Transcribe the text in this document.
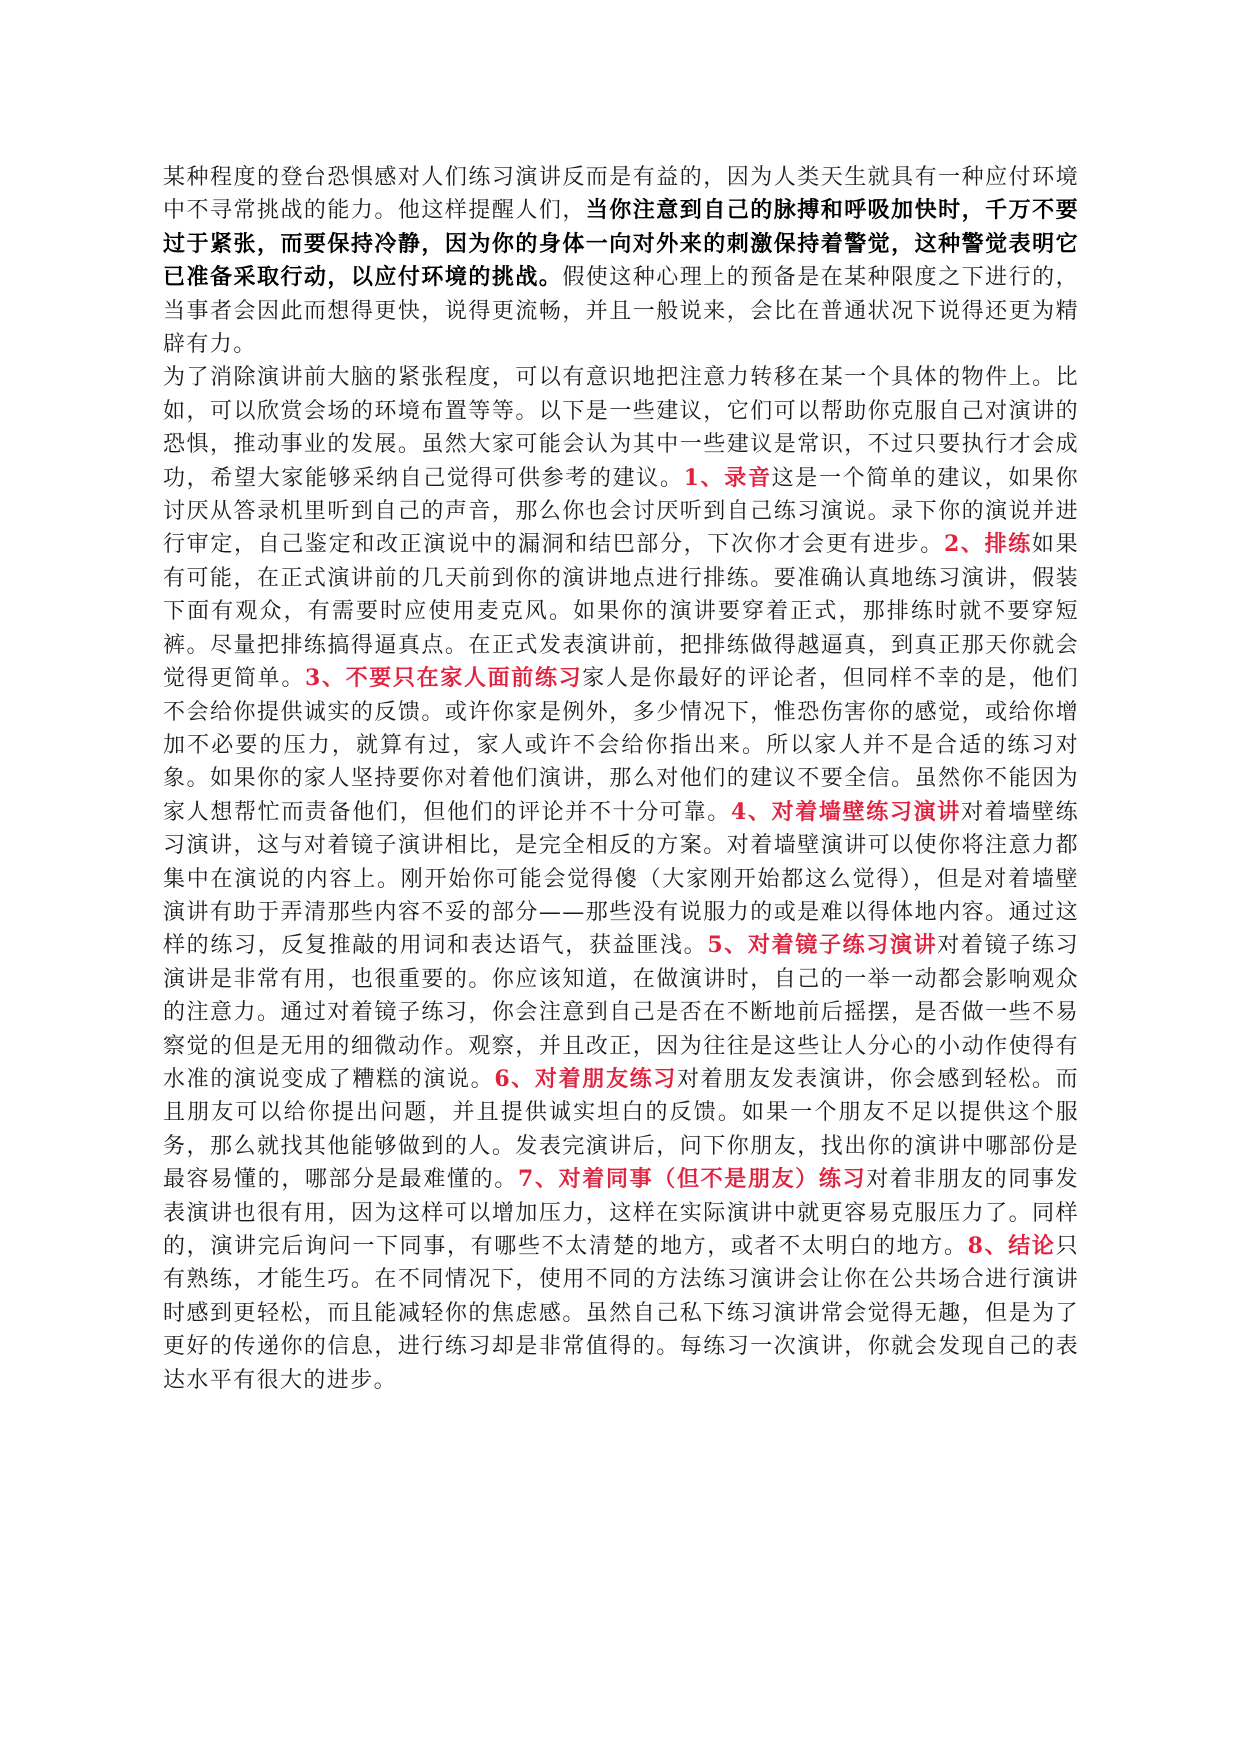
某种程度的登台恐惧感对人们练习演讲反而是有益的，因为人类天生就具有一种应付环境中不寻常挑战的能力。他这样提醒人们，当你注意到自己的脉搏和呼吸加快时，千万不要过于紧张，而要保持冷静，因为你的身体一向对外来的刺激保持着警觉，这种警觉表明它已准备采取行动，以应付环境的挑战。假使这种心理上的预备是在某种限度之下进行的，当事者会因此而想得更快，说得更流畅，并且一般说来，会比在普通状况下说得还更为精辟有力。

为了消除演讲前大脑的紧张程度，可以有意识地把注意力转移在某一个具体的物件上。比如，可以欣赏会场的环境布置等等。以下是一些建议，它们可以帮助你克服自己对演讲的恐惧，推动事业的发展。虽然大家可能会认为其中一些建议是常识，不过只要执行才会成功，希望大家能够采纳自己觉得可供参考的建议。1、录音这是一个简单的建议，如果你讨厌从答录机里听到自己的声音，那么你也会讨厌听到自己练习演说。录下你的演说并进行审定，自己鉴定和改正演说中的漏洞和结巴部分，下次你才会更有进步。2、排练如果有可能，在正式演讲前的几天前到你的演讲地点进行排练。要准确认真地练习演讲，假装下面有观众，有需要时应使用麦克风。如果你的演讲要穿着正式，那排练时就不要穿短裤。尽量把排练搞得逼真点。在正式发表演讲前，把排练做得越逼真，到真正那天你就会觉得更简单。3、不要只在家人面前练习家人是你最好的评论者，但同样不幸的是，他们不会给你提供诚实的反馈。或许你家是例外，多少情况下，惟恐伤害你的感觉，或给你增加不必要的压力，就算有过，家人或许不会给你指出来。所以家人并不是合适的练习对象。如果你的家人坚持要你对着他们演讲，那么对他们的建议不要全信。虽然你不能因为家人想帮忙而责备他们，但他们的评论并不十分可靠。4、对着墙壁练习演讲对着墙壁练习演讲，这与对着镜子演讲相比，是完全相反的方案。对着墙壁演讲可以使你将注意力都集中在演说的内容上。刚开始你可能会觉得傻（大家刚开始都这么觉得），但是对着墙壁演讲有助于弄清那些内容不妥的部分——那些没有说服力的或是难以得体地内容。通过这样的练习，反复推敲的用词和表达语气，获益匪浅。5、对着镜子练习演讲对着镜子练习演讲是非常有用，也很重要的。你应该知道，在做演讲时，自己的一举一动都会影响观众的注意力。通过对着镜子练习，你会注意到自己是否在不断地前后摇摆，是否做一些不易察觉的但是无用的细微动作。观察，并且改正，因为往往是这些让人分心的小动作使得有水准的演说变成了糟糕的演说。6、对着朋友练习对着朋友发表演讲，你会感到轻松。而且朋友可以给你提出问题，并且提供诚实坦白的反馈。如果一个朋友不足以提供这个服务，那么就找其他能够做到的人。发表完演讲后，问下你朋友，找出你的演讲中哪部份是最容易懂的，哪部分是最难懂的。7、对着同事（但不是朋友）练习对着非朋友的同事发表演讲也很有用，因为这样可以增加压力，这样在实际演讲中就更容易克服压力了。同样的，演讲完后询问一下同事，有哪些不太清楚的地方，或者不太明白的地方。8、结论只有熟练，才能生巧。在不同情况下，使用不同的方法练习演讲会让你在公共场合进行演讲时感到更轻松，而且能减轻你的焦虑感。虽然自己私下练习演讲常会觉得无趣，但是为了更好的传递你的信息，进行练习却是非常值得的。每练习一次演讲，你就会发现自己的表达水平有很大的进步。
